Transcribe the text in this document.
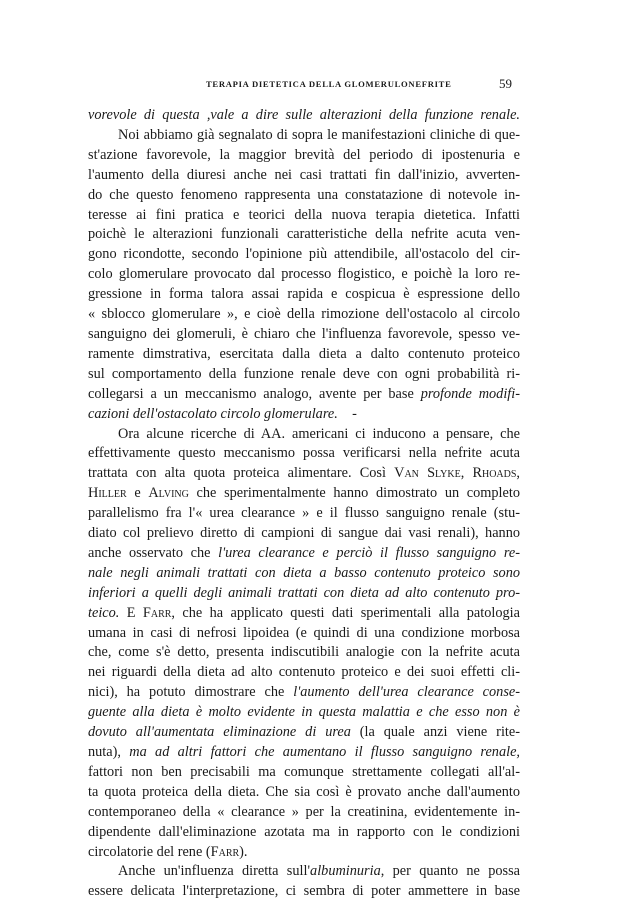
TERAPIA DIETETICA DELLA GLOMERULONEFRITE	59
vorevole di questa ,vale a dire sulle alterazioni della funzione renale.
Noi abbiamo già segnalato di sopra le manifestazioni cliniche di que-
st'azione favorevole, la maggior brevità del periodo di ipostenuria e
l'aumento della diuresi anche nei casi trattati fin dall'inizio, avverten-
do che questo fenomeno rappresenta una constatazione di notevole in-
teresse ai fini pratica e teorici della nuova terapia dietetica. Infatti
poichè le alterazioni funzionali caratteristiche della nefrite acuta ven-
gono ricondotte, secondo l'opinione più attendibile, all'ostacolo del cir-
colo glomerulare provocato dal processo flogistico, e poichè la loro re-
gressione in forma talora assai rapida e cospicua è espressione dello
« sblocco glomerulare », e cioè della rimozione dell'ostacolo al circolo
sanguigno dei glomeruli, è chiaro che l'influenza favorevole, spesso ve-
ramente dimstrativa, esercitata dalla dieta a dalto contenuto proteico
sul comportamento della funzione renale deve con ogni probabilità ri-
collegarsi a un meccanismo analogo, avente per base profonde modifi-
cazioni dell'ostacolato circolo glomerulare. -
Ora alcune ricerche di AA. americani ci inducono a pensare, che
effettivamente questo meccanismo possa verificarsi nella nefrite acuta
trattata con alta quota proteica alimentare. Così Van Slyke, Rhoads,
Hiller e Alving che sperimentalmente hanno dimostrato un completo
parallelismo fra l'« urea clearance » e il flusso sanguigno renale (stu-
diato col prelievo diretto di campioni di sangue dai vasi renali), hanno
anche osservato che l'urea clearance e perciò il flusso sanguigno re-
nale negli animali trattati con dieta a basso contenuto proteico sono
inferiori a quelli degli animali trattati con dieta ad alto contenuto pro-
teico. E Farr, che ha applicato questi dati sperimentali alla patologia
umana in casi di nefrosi lipoidea (e quindi di una condizione morbosa
che, come s'è detto, presenta indiscutibili analogie con la nefrite acuta
nei riguardi della dieta ad alto contenuto proteico e dei suoi effetti cli-
nici), ha potuto dimostrare che l'aumento dell'urea clearance conse-
guente alla dieta è molto evidente in questa malattia e che esso non è
dovuto all'aumentata eliminazione di urea (la quale anzi viene rite-
nuta), ma ad altri fattori che aumentano il flusso sanguigno renale,
fattori non ben precisabili ma comunque strettamente collegati all'al-
ta quota proteica della dieta. Che sia così è provato anche dall'aumento
contemporaneo della « clearance » per la creatinina, evidentemente in-
dipendente dall'eliminazione azotata ma in rapporto con le condizioni
circolatorie del rene (Farr).
Anche un'influenza diretta sull'albuminuria, per quanto ne possa
essere delicata l'interpretazione, ci sembra di poter ammettere in base
